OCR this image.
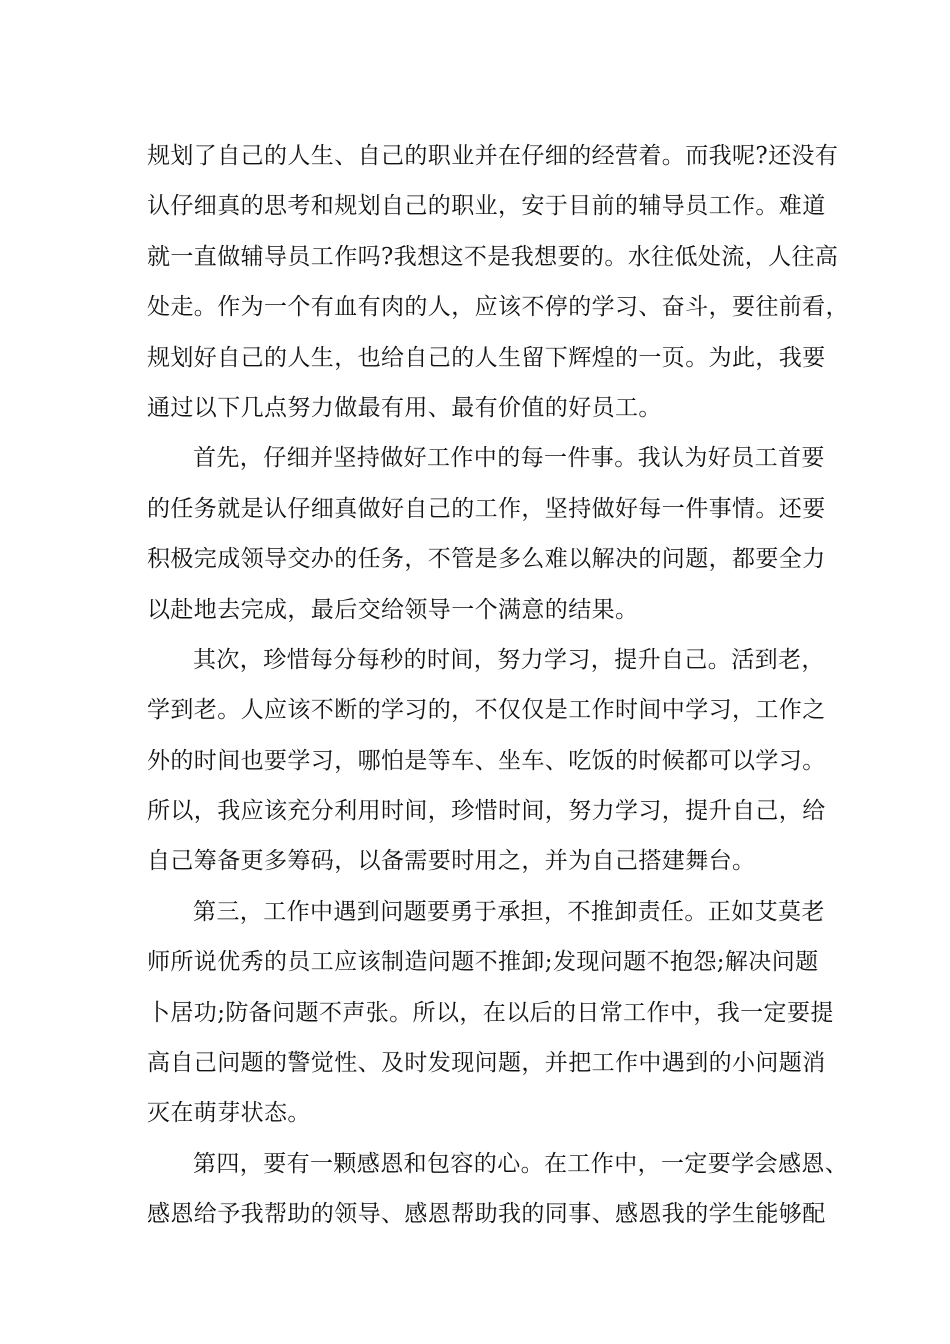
规划了自己的人生、自己的职业并在仔细的经营着。而我呢?还没有
认仔细真的思考和规划自己的职业，安于目前的辅导员工作。难道
就一直做辅导员工作吗?我想这不是我想要的。水往低处流，人往高
处走。作为一个有血有肉的人，应该不停的学习、奋斗，要往前看，
规划好自己的人生，也给自己的人生留下辉煌的一页。为此，我要
通过以下几点努力做最有用、最有价值的好员工。
首先，仔细并坚持做好工作中的每一件事。我认为好员工首要
的任务就是认仔细真做好自己的工作，坚持做好每一件事情。还要
积极完成领导交办的任务，不管是多么难以解决的问题，都要全力
以赴地去完成，最后交给领导一个满意的结果。
其次，珍惜每分每秒的时间，努力学习，提升自己。活到老，
学到老。人应该不断的学习的，不仅仅是工作时间中学习，工作之
外的时间也要学习，哪怕是等车、坐车、吃饭的时候都可以学习。
所以，我应该充分利用时间，珍惜时间，努力学习，提升自己，给
自己筹备更多筹码，以备需要时用之，并为自己搭建舞台。
第三，工作中遇到问题要勇于承担，不推卸责任。正如艾莫老
师所说优秀的员工应该制造问题不推卸;发现问题不抱怨;解决问题
卜居功;防备问题不声张。所以，在以后的日常工作中，我一定要提
高自己问题的警觉性、及时发现问题，并把工作中遇到的小问题消
灭在萌芽状态。
第四，要有一颗感恩和包容的心。在工作中，一定要学会感恩、
感恩给予我帮助的领导、感恩帮助我的同事、感恩我的学生能够配
